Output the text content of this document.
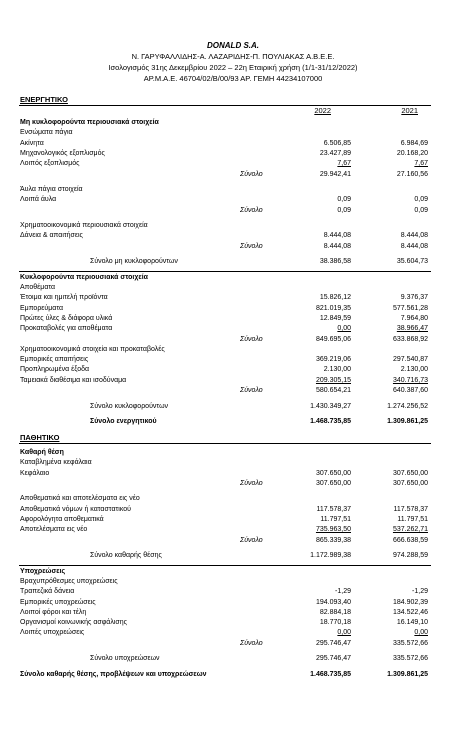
DONALD S.A.
Ν. ΓΑΡΥΦΑΛΛΙΔΗΣ-Α. ΛΑΖΑΡΙΔΗΣ-Π. ΠΟΥΛΙΑΚΑΣ Α.Β.Ε.Ε.
Ισολογισμός 31ης Δεκεμβρίου 2022 – 22η Εταιρική χρήση (1/1-31/12/2022)
ΑΡ.Μ.Α.Ε. 46704/02/Β/00/93 ΑΡ. ΓΕΜΗ 44234107000
ΕΝΕΡΓΗΤΙΚΟ
2022	2021
Μη κυκλοφορούντα περιουσιακά στοιχεία
Ενσώματα πάγια
Ακίνητα	6.506,85	6.984,69
Μηχανολογικός εξοπλισμός	23.427,89	20.168,20
Λοιπός εξοπλισμός	7,67	7,67
Σύνολο	29.942,41	27.160,56
Άυλα πάγια στοιχεία
Λοιπά άυλα	0,09	0,09
Σύνολο	0,09	0,09
Χρηματοοικονομικά περιουσιακά στοιχεία
Δάνεια & απαιτήσεις	8.444,08	8.444,08
Σύνολο	8.444,08	8.444,08
Σύνολο μη κυκλοφορούντων	38.386,58	35.604,73
Κυκλοφορούντα περιουσιακά στοιχεία
Αποθέματα
Έτοιμα και ημιτελή προϊόντα	15.826,12	9.376,37
Εμπορεύματα	821.019,35	577.561,28
Πρώτες ύλες & διάφορα υλικά	12.849,59	7.964,80
Προκαταβολές για αποθέματα	0,00	38.966,47
Σύνολο	849.695,06	633.868,92
Χρηματοοικονομικά στοιχεία και προκαταβολές
Εμπορικές απαιτήσεις	369.219,06	297.540,87
Προπληρωμένα έξοδα	2.130,00	2.130,00
Ταμειακά διαθέσιμα και ισοδύναμα	209.305,15	340.716,73
Σύνολο	580.654,21	640.387,60
Σύνολο κυκλοφορούντων	1.430.349,27	1.274.256,52
Σύνολο ενεργητικού	1.468.735,85	1.309.861,25
ΠΑΘΗΤΙΚΟ
Καθαρή θέση
Καταβλημένα κεφάλαια
Κεφάλαιο	307.650,00	307.650,00
Σύνολο	307.650,00	307.650,00
Αποθεματικά και αποτελέσματα εις νέο
Αποθεματικά νόμων ή καταστατικού	117.578,37	117.578,37
Αφορολόγητα αποθεματικά	11.797,51	11.797,51
Αποτελέσματα εις νέο	735.963,50	537.262,71
Σύνολο	865.339,38	666.638,59
Σύνολο καθαρής θέσης	1.172.989,38	974.288,59
Υποχρεώσεις
Βραχυπρόθεσμες υποχρεώσεις
Τραπεζικά δάνεια	-1,29	-1,29
Εμπορικές υποχρεώσεις	194.093,40	184.902,39
Λοιποί φόροι και τέλη	82.884,18	134.522,46
Οργανισμοί κοινωνικής ασφάλισης	18.770,18	16.149,10
Λοιπές υποχρεώσεις	0,00	0,00
Σύνολο	295.746,47	335.572,66
Σύνολο υποχρεώσεων	295.746,47	335.572,66
Σύνολο καθαρής θέσης, προβλέψεων και υποχρεώσεων	1.468.735,85	1.309.861,25
